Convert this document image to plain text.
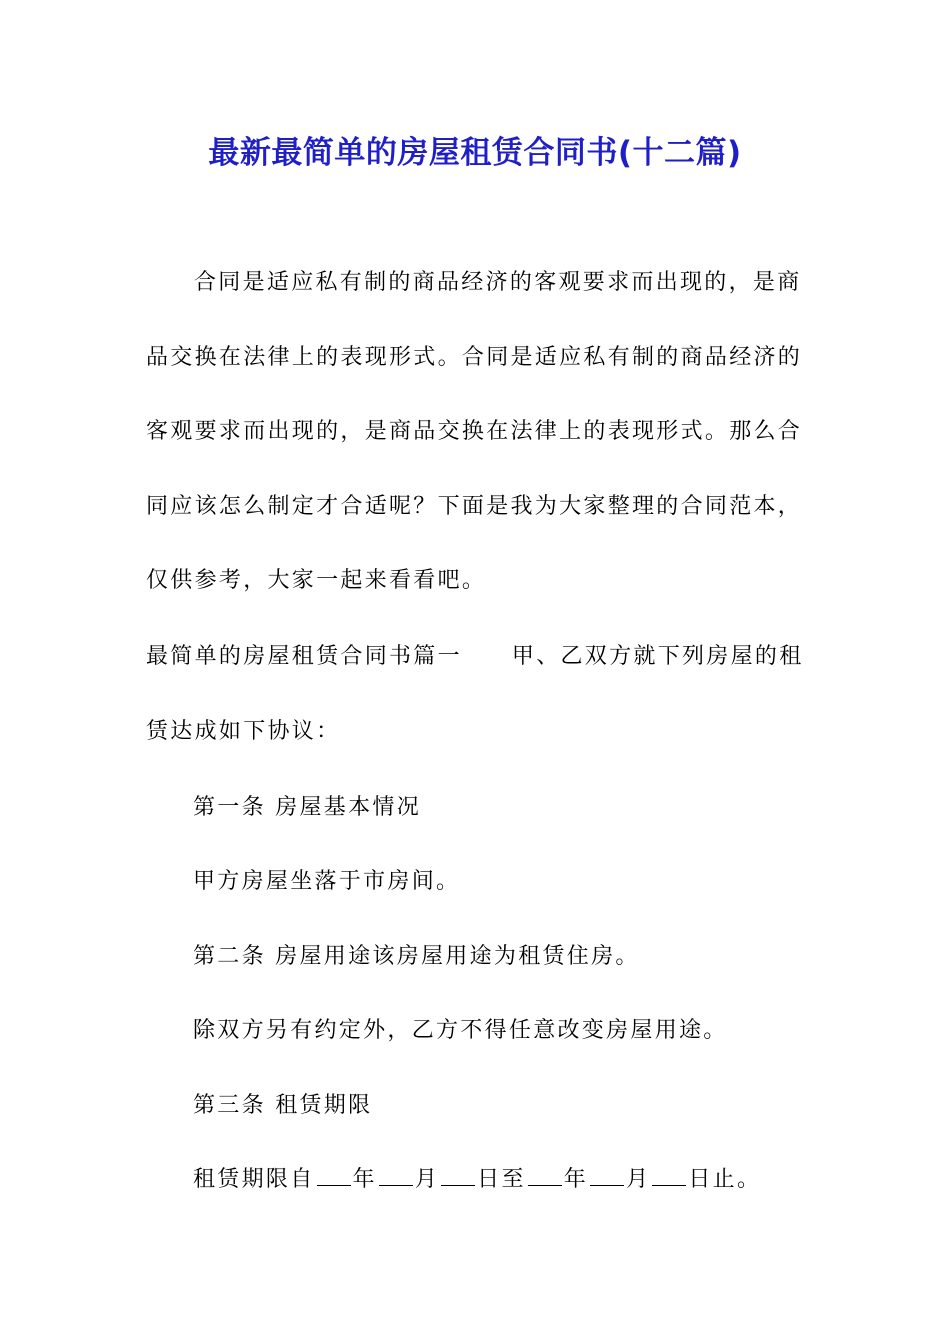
最新最简单的房屋租赁合同书(十二篇)
合同是适应私有制的商品经济的客观要求而出现的，是商品交换在法律上的表现形式。合同是适应私有制的商品经济的客观要求而出现的，是商品交换在法律上的表现形式。那么合同应该怎么制定才合适呢？下面是我为大家整理的合同范本，仅供参考，大家一起来看看吧。
最简单的房屋租赁合同书篇一 甲、乙双方就下列房屋的租赁达成如下协议：
第一条 房屋基本情况
甲方房屋坐落于市房间。
第二条 房屋用途该房屋用途为租赁住房。
除双方另有约定外，乙方不得任意改变房屋用途。
第三条 租赁期限
租赁期限自 年 月 日至 年 月 日止。
